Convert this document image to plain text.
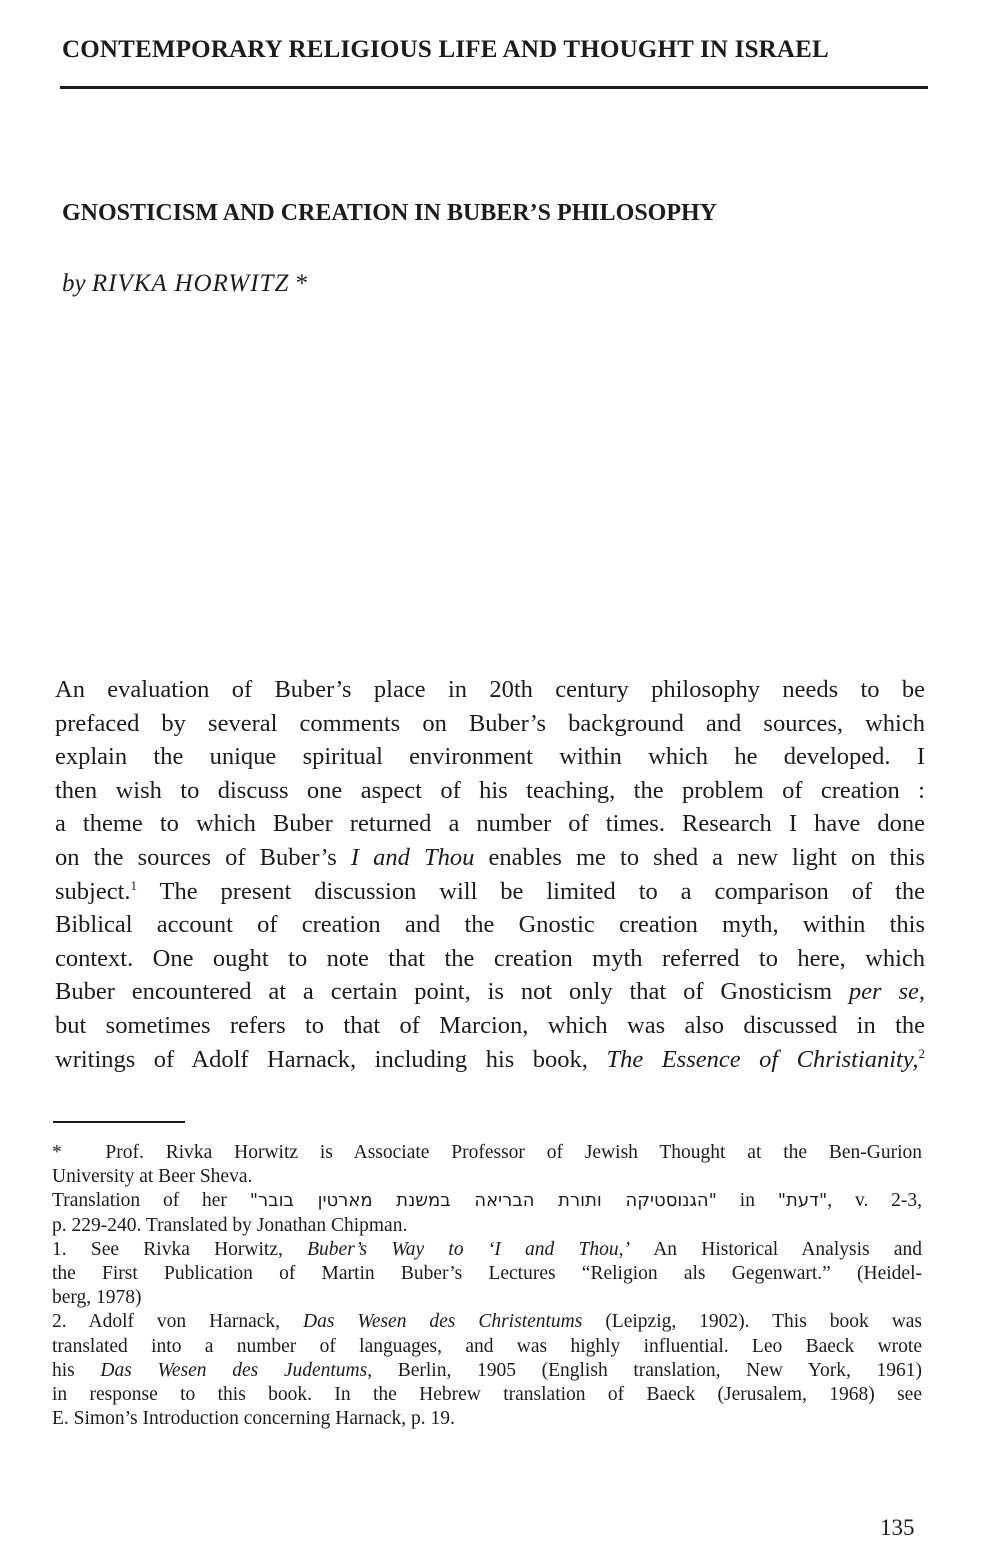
CONTEMPORARY RELIGIOUS LIFE AND THOUGHT IN ISRAEL
GNOSTICISM AND CREATION IN BUBER’S PHILOSOPHY
by RIVKA HORWITZ *
An evaluation of Buber’s place in 20th century philosophy needs to be
prefaced by several comments on Buber’s background and sources, which
explain the unique spiritual environment within which he developed. I
then wish to discuss one aspect of his teaching, the problem of creation :
a theme to which Buber returned a number of times. Research I have done
on the sources of Buber’s I and Thou enables me to shed a new light on this
subject.$^1$ The present discussion will be limited to a comparison of the
Biblical account of creation and the Gnostic creation myth, within this
context. One ought to note that the creation myth referred to here, which
Buber encountered at a certain point, is not only that of Gnosticism per se,
but sometimes refers to that of Marcion, which was also discussed in the
writings of Adolf Harnack, including his book, The Essence of Christianity,$^2$
* Prof. Rivka Horwitz is Associate Professor of Jewish Thought at the Ben-Gurion
University at Beer Sheva.
Translation of her "הגנוסטיקה ותורת הבריאה במשנת מארטין בובר" in "דעת", v. 2-3,
p. 229-240. Translated by Jonathan Chipman.
1. See Rivka Horwitz, Buber’s Way to ‘I and Thou,’ An Historical Analysis and
the First Publication of Martin Buber’s Lectures “Religion als Gegenwart.” (Heidel-
berg, 1978)
2. Adolf von Harnack, Das Wesen des Christentums (Leipzig, 1902). This book was
translated into a number of languages, and was highly influential. Leo Baeck wrote
his Das Wesen des Judentums, Berlin, 1905 (English translation, New York, 1961)
in response to this book. In the Hebrew translation of Baeck (Jerusalem, 1968) see
E. Simon’s Introduction concerning Harnack, p. 19.
135
